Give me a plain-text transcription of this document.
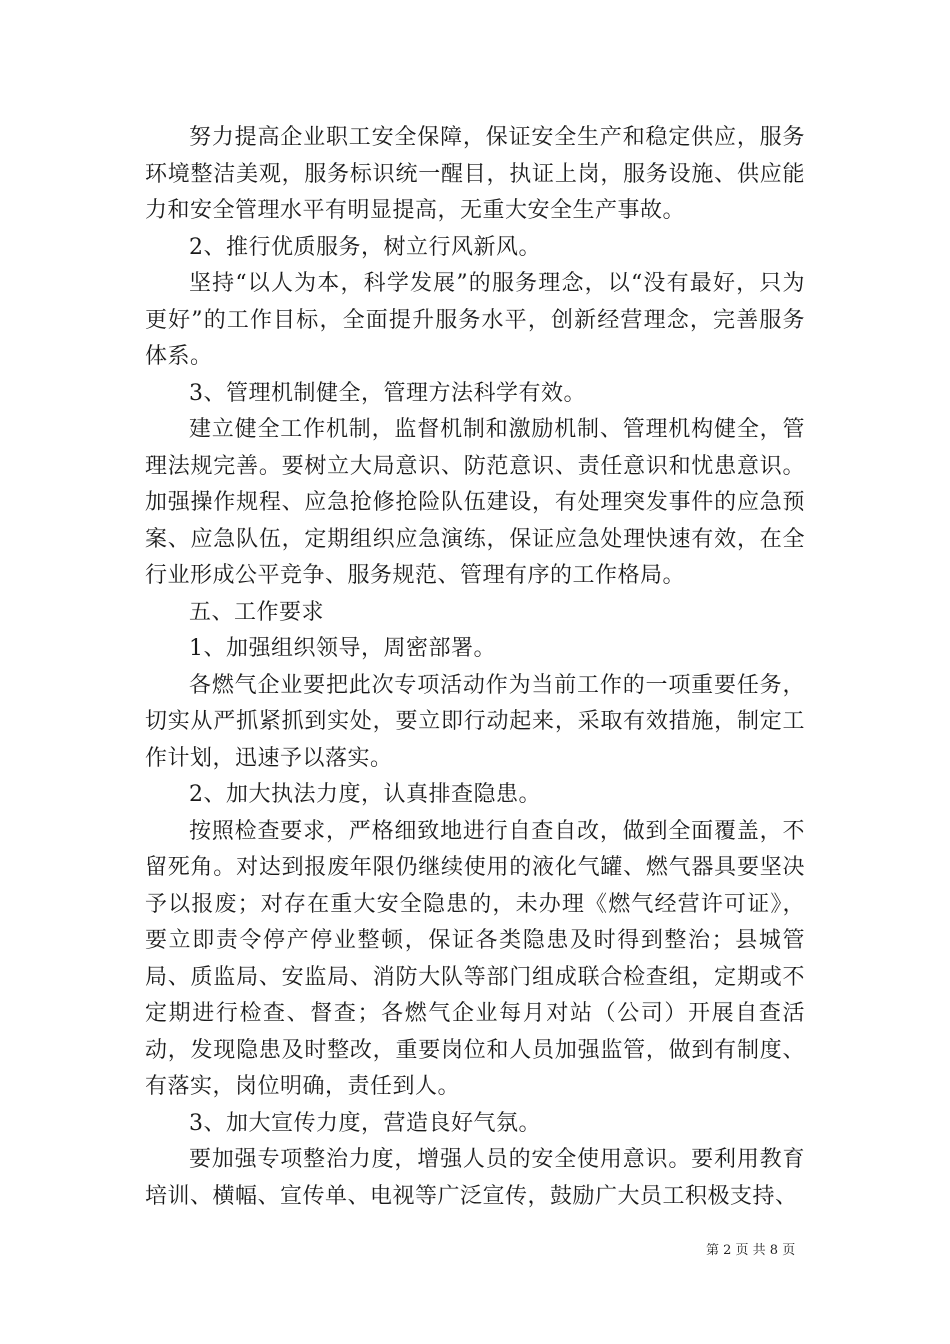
努力提高企业职工安全保障，保证安全生产和稳定供应，服务环境整洁美观，服务标识统一醒目，执证上岗，服务设施、供应能力和安全管理水平有明显提高，无重大安全生产事故。

2、推行优质服务，树立行风新风。

坚持“以人为本，科学发展”的服务理念，以“没有最好，只为更好”的工作目标，全面提升服务水平，创新经营理念，完善服务体系。

3、管理机制健全，管理方法科学有效。

建立健全工作机制，监督机制和激励机制、管理机构健全，管理法规完善。要树立大局意识、防范意识、责任意识和忧患意识。加强操作规程、应急抢修抢险队伍建设，有处理突发事件的应急预案、应急队伍，定期组织应急演练，保证应急处理快速有效，在全行业形成公平竞争、服务规范、管理有序的工作格局。

五、工作要求

1、加强组织领导，周密部署。

各燃气企业要把此次专项活动作为当前工作的一项重要任务，切实从严抓紧抓到实处，要立即行动起来，采取有效措施，制定工作计划，迅速予以落实。

2、加大执法力度，认真排查隐患。

按照检查要求，严格细致地进行自查自改，做到全面覆盖，不留死角。对达到报废年限仍继续使用的液化气罐、燃气器具要坚决予以报废；对存在重大安全隐患的，未办理《燃气经营许可证》，要立即责令停产停业整顿，保证各类隐患及时得到整治；县城管局、质监局、安监局、消防大队等部门组成联合检查组，定期或不定期进行检查、督查；各燃气企业每月对站（公司）开展自查活动，发现隐患及时整改，重要岗位和人员加强监管，做到有制度、有落实，岗位明确，责任到人。

3、加大宣传力度，营造良好气氛。

要加强专项整治力度，增强人员的安全使用意识。要利用教育培训、横幅、宣传单、电视等广泛宣传，鼓励广大员工积极支持、

第 2 页 共 8 页
